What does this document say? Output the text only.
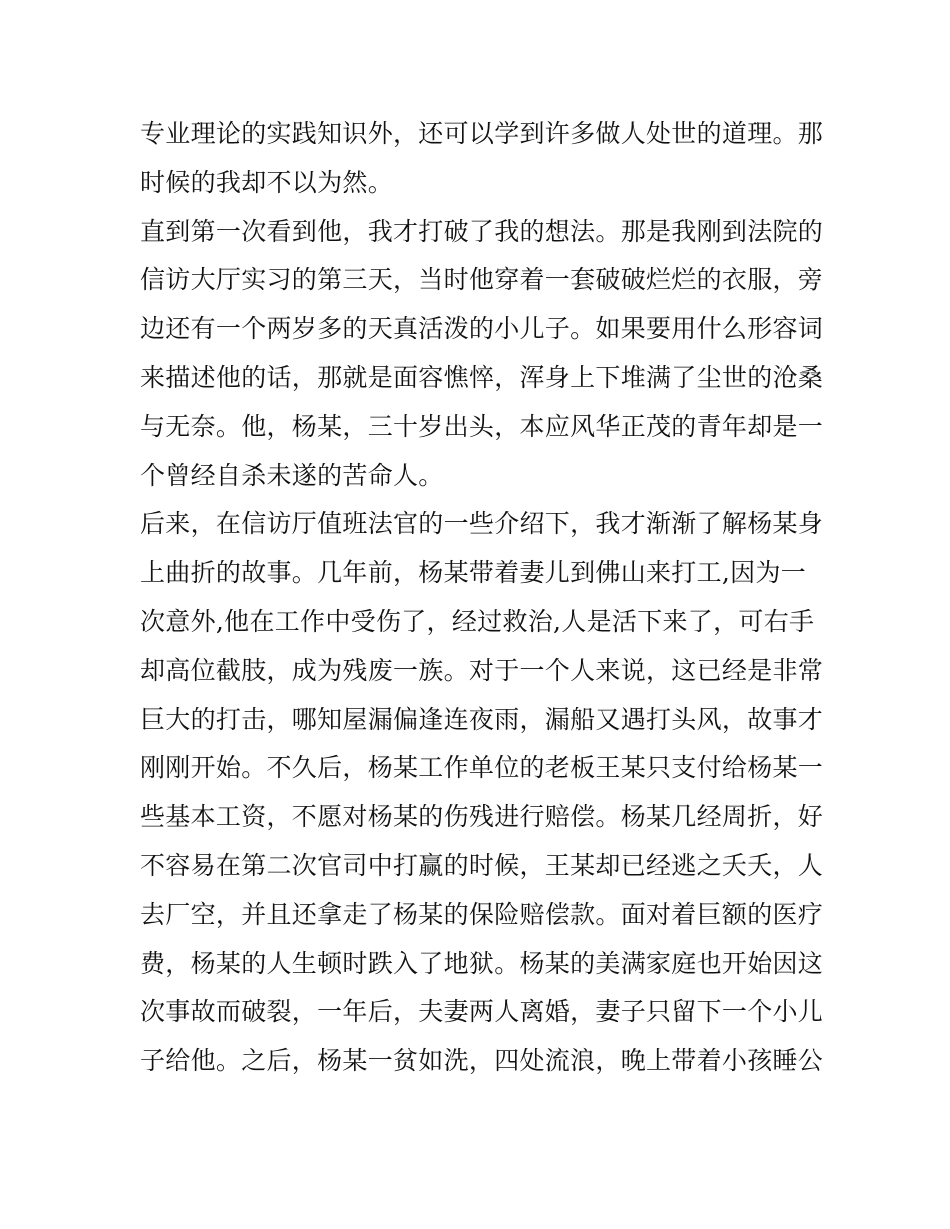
专业理论的实践知识外，还可以学到许多做人处世的道理。那
时候的我却不以为然。
直到第一次看到他，我才打破了我的想法。那是我刚到法院的
信访大厅实习的第三天，当时他穿着一套破破烂烂的衣服，旁
边还有一个两岁多的天真活泼的小儿子。如果要用什么形容词
来描述他的话，那就是面容憔悴，浑身上下堆满了尘世的沧桑
与无奈。他，杨某，三十岁出头，本应风华正茂的青年却是一
个曾经自杀未遂的苦命人。
后来，在信访厅值班法官的一些介绍下，我才渐渐了解杨某身
上曲折的故事。几年前，杨某带着妻儿到佛山来打工,因为一
次意外,他在工作中受伤了，经过救治,人是活下来了，可右手
却高位截肢，成为残废一族。对于一个人来说，这已经是非常
巨大的打击，哪知屋漏偏逢连夜雨，漏船又遇打头风，故事才
刚刚开始。不久后，杨某工作单位的老板王某只支付给杨某一
些基本工资，不愿对杨某的伤残进行赔偿。杨某几经周折，好
不容易在第二次官司中打赢的时候，王某却已经逃之夭夭，人
去厂空，并且还拿走了杨某的保险赔偿款。面对着巨额的医疗
费，杨某的人生顿时跌入了地狱。杨某的美满家庭也开始因这
次事故而破裂，一年后，夫妻两人离婚，妻子只留下一个小儿
子给他。之后，杨某一贫如洗，四处流浪，晚上带着小孩睡公
